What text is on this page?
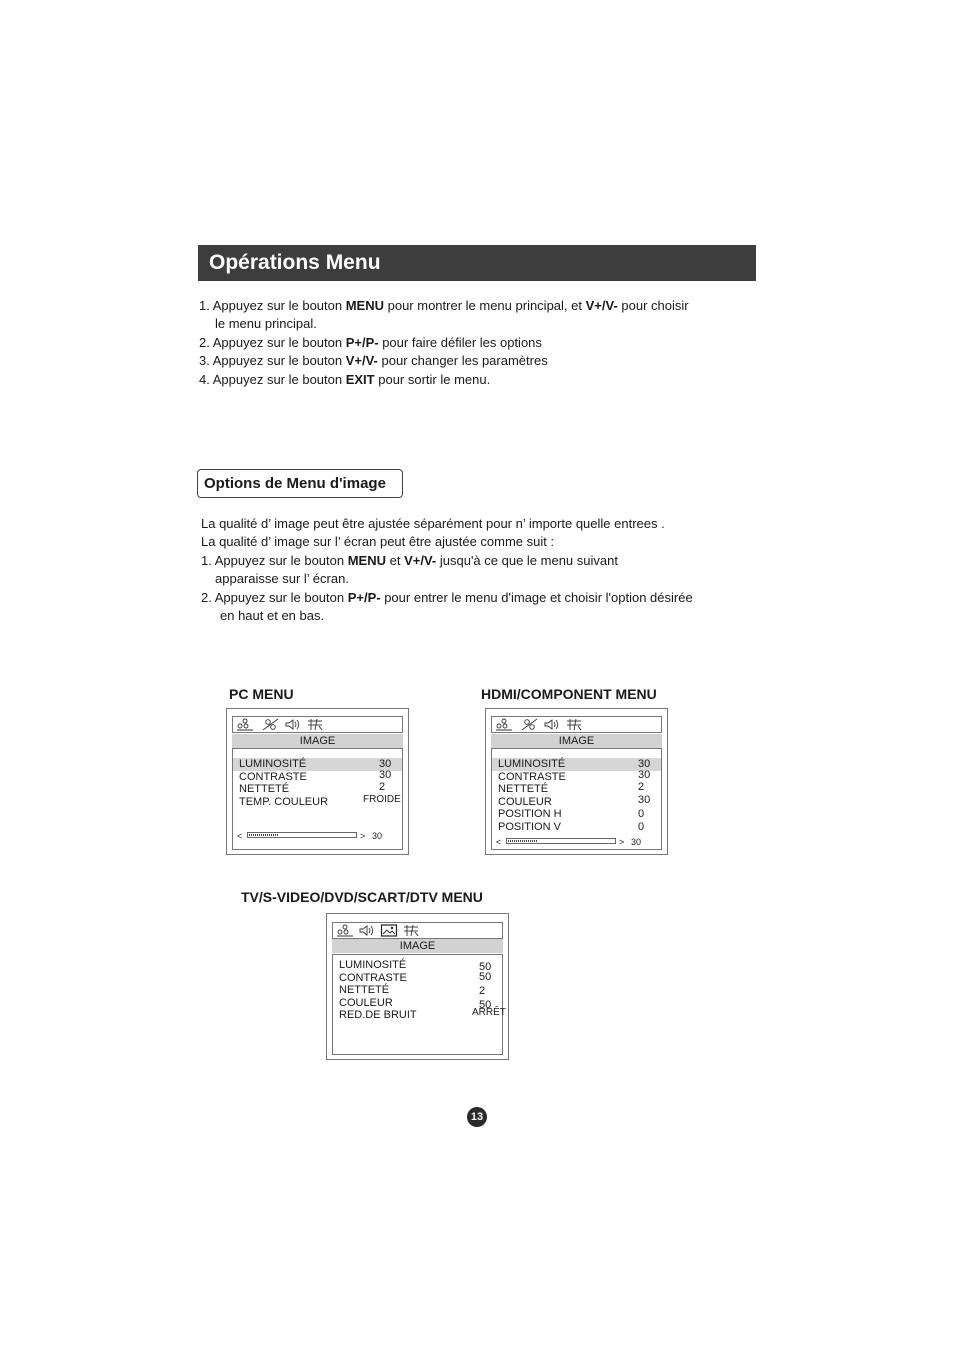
Opérations Menu

1. Appuyez sur le bouton MENU pour montrer le menu principal, et V+/V- pour choisir

le menu principal.

2. Appuyez sur le bouton P+/P- pour faire défiler les options

3. Appuyez sur le bouton V+/V- pour changer les paramètres

4. Appuyez sur le bouton EXIT pour sortir le menu.

Options de Menu d'image

La qualité d’ image peut être ajustée séparément pour n’ importe quelle entrees .

La qualité d’ image sur l’ écran peut être ajustée comme suit :

1. Appuyez sur le bouton MENU et V+/V- jusqu'à ce que le menu suivant

apparaisse sur l’ écran.

2. Appuyez sur le bouton P+/P- pour entrer le menu d'image et choisir l'option désirée

en haut et en bas.

PC MENU
IMAGE
LUMINOSITÉ	30
CONTRASTE	30
NETTETÉ	2
TEMP. COULEUR	FROIDE
<	> 30
HDMI/COMPONENT MENU
IMAGE
LUMINOSITÉ	30
CONTRASTE	30
NETTETÉ	2
COULEUR	30
POSITION H	0
POSITION V	0
<	> 30
TV/S-VIDEO/DVD/SCART/DTV MENU
IMAGE
LUMINOSITÉ	50
CONTRASTE	50
NETTETÉ	2
COULEUR	50
RED.DE BRUIT	ARRÊT
13
